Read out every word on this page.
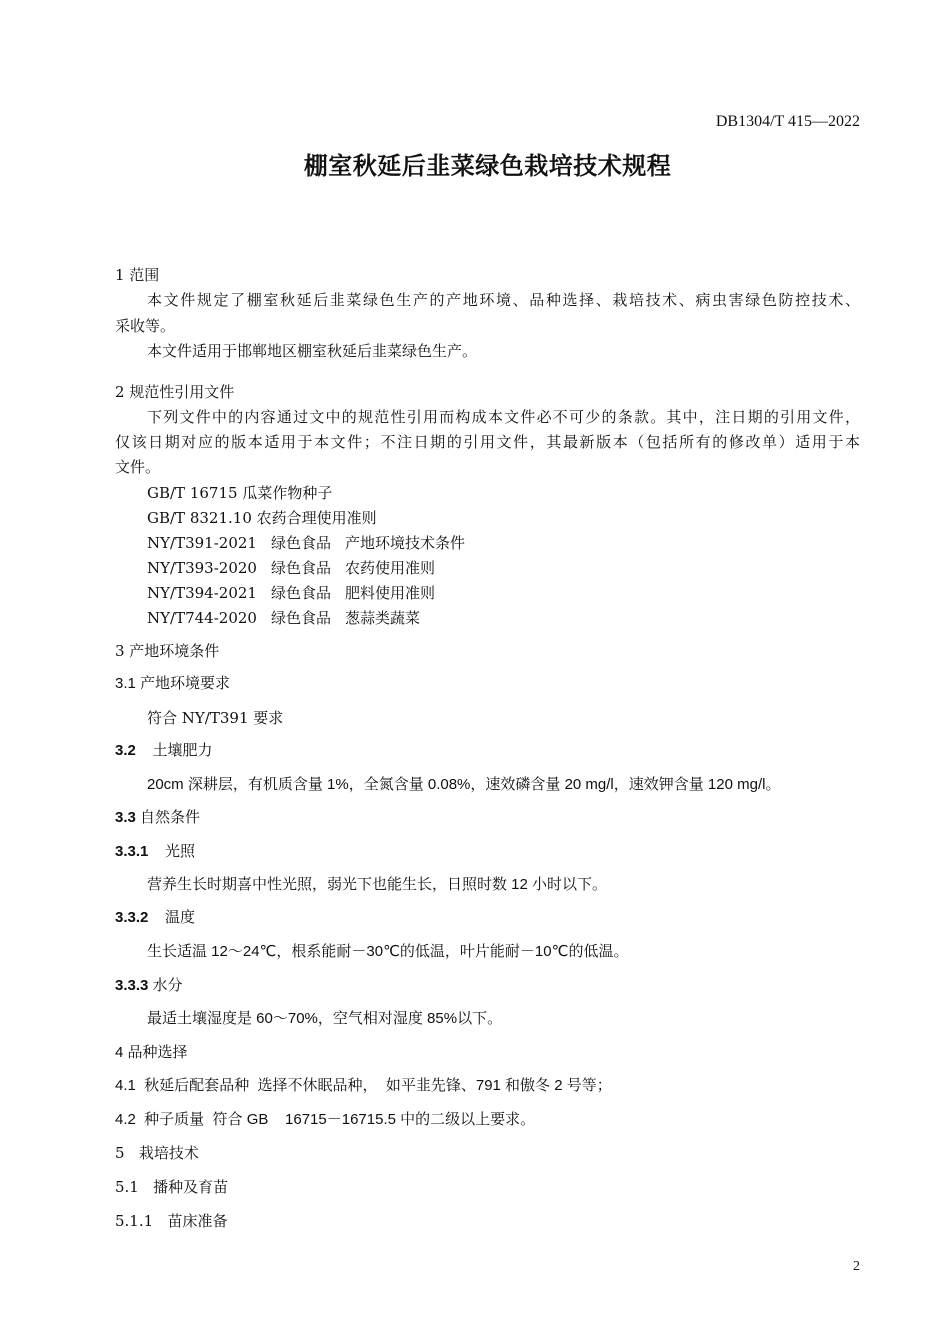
DB1304/T 415—2022
棚室秋延后韭菜绿色栽培技术规程
1 范围
本文件规定了棚室秋延后韭菜绿色生产的产地环境、品种选择、栽培技术、病虫害绿色防控技术、
采收等。
本文件适用于邯郸地区棚室秋延后韭菜绿色生产。
2 规范性引用文件
下列文件中的内容通过文中的规范性引用而构成本文件必不可少的条款。其中，注日期的引用文件，
仅该日期对应的版本适用于本文件；不注日期的引用文件，其最新版本（包括所有的修改单）适用于本
文件。
GB/T 16715 瓜菜作物种子
GB/T 8321.10 农药合理使用准则
NY/T391-2021 绿色食品 产地环境技术条件
NY/T393-2020 绿色食品 农药使用准则
NY/T394-2021 绿色食品 肥料使用准则
NY/T744-2020 绿色食品 葱蒜类蔬菜
3 产地环境条件
3.1 产地环境要求
符合 NY/T391 要求
3.2 土壤肥力
20cm 深耕层，有机质含量 1%，全氮含量 0.08%，速效磷含量 20 mg/l，速效钾含量 120 mg/l。
3.3 自然条件
3.3.1 光照
营养生长时期喜中性光照，弱光下也能生长，日照时数 12 小时以下。
3.3.2 温度
生长适温 12～24℃，根系能耐－30℃的低温，叶片能耐－10℃的低温。
3.3.3 水分
最适土壤湿度是 60～70%，空气相对湿度 85%以下。
4 品种选择
4.1  秋延后配套品种  选择不休眠品种，  如平韭先锋、791 和傲冬 2 号等；
4.2  种子质量  符合 GB    16715－16715.5 中的二级以上要求。
5   栽培技术
5.1   播种及育苗
5.1.1   苗床准备
2
